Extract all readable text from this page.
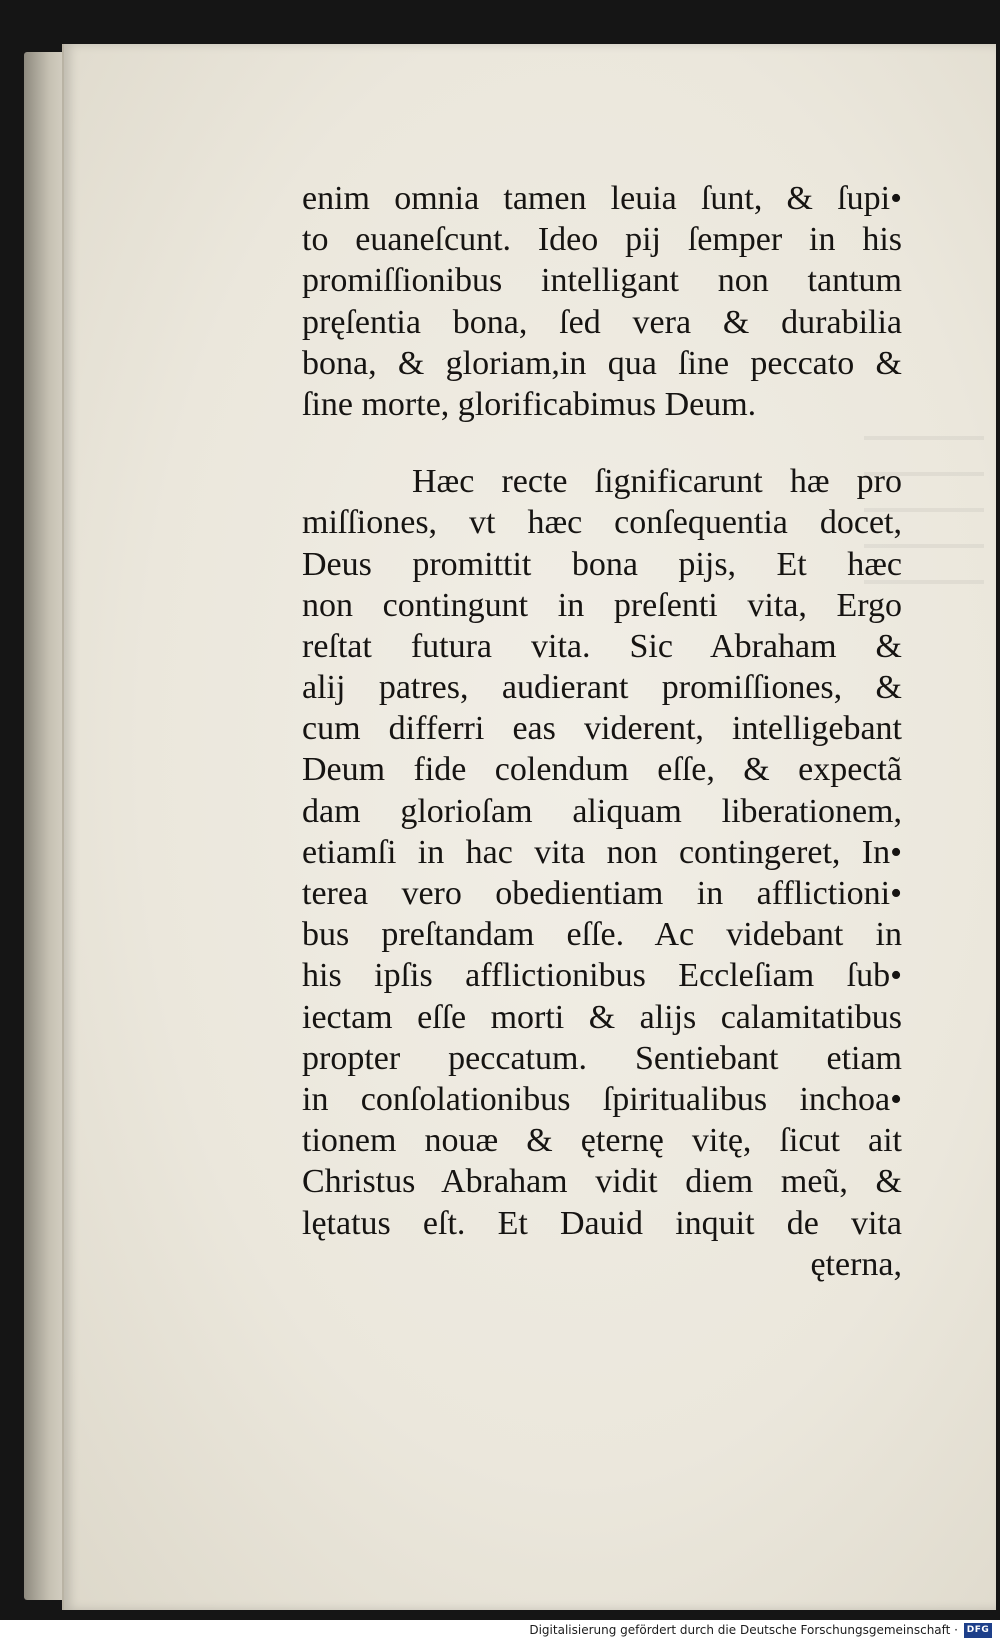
enim omnia tamen leuia ſunt, & ſupi•
to euaneſcunt. Ideo pij ſemper in his
promiſſionibus intelligant non tantum
pręſentia bona, ſed vera & durabilia
bona, & gloriam,in qua ſine peccato &
ſine morte, glorificabimus Deum.
Hæc recte ſignificarunt hæ pro
miſſiones, vt hæc conſequentia docet,
Deus promittit bona pijs, Et hæc
non contingunt in preſenti vita, Ergo
reſtat futura vita. Sic Abraham &
alij patres, audierant promiſſiones, &
cum differri eas viderent, intelligebant
Deum fide colendum eſſe, & expectã
dam glorioſam aliquam liberationem,
etiamſi in hac vita non contingeret, In•
terea vero obedientiam in afflictioni•
bus preſtandam eſſe. Ac videbant in
his ipſis afflictionibus Eccleſiam ſub•
iectam eſſe morti & alijs calamitatibus
propter peccatum. Sentiebant etiam
in conſolationibus ſpiritualibus inchoa•
tionem nouæ & ęternę vitę, ſicut ait
Christus Abraham vidit diem meũ, &
lętatus eſt. Et Dauid inquit de vita
ęterna,
Digitalisierung gefördert durch die Deutsche Forschungsgemeinschaft · DFG
